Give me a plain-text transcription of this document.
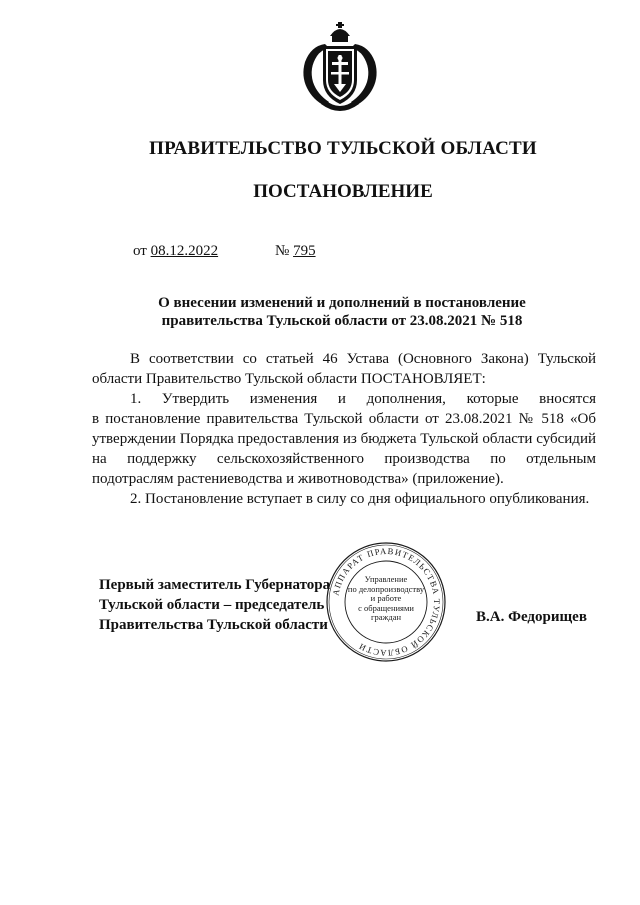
ПРАВИТЕЛЬСТВО ТУЛЬСКОЙ ОБЛАСТИ
ПОСТАНОВЛЕНИЕ
от 08.12.2022	№ 795
О внесении изменений и дополнений в постановление
правительства Тульской области от 23.08.2021 № 518
В соответствии со статьей 46 Устава (Основного Закона) Тульской
области Правительство Тульской области ПОСТАНОВЛЯЕТ:
1. Утвердить изменения и дополнения, которые вносятся
в постановление правительства Тульской области от 23.08.2021 № 518 «Об утверждении Порядка предоставления из бюджета Тульской области субсидий на поддержку сельскохозяйственного производства по отдельным подотраслям растениеводства и животноводства» (приложение).
2. Постановление вступает в силу со дня официального опубликования.
Первый заместитель Губернатора
Тульской области – председатель
Правительства Тульской области	В.А. Федорищев
АППАРАТ ПРАВИТЕЛЬСТВА ТУЛЬСКОЙ ОБЛАСТИ
Управление
по делопроизводству
и работе
с обращениями
граждан
